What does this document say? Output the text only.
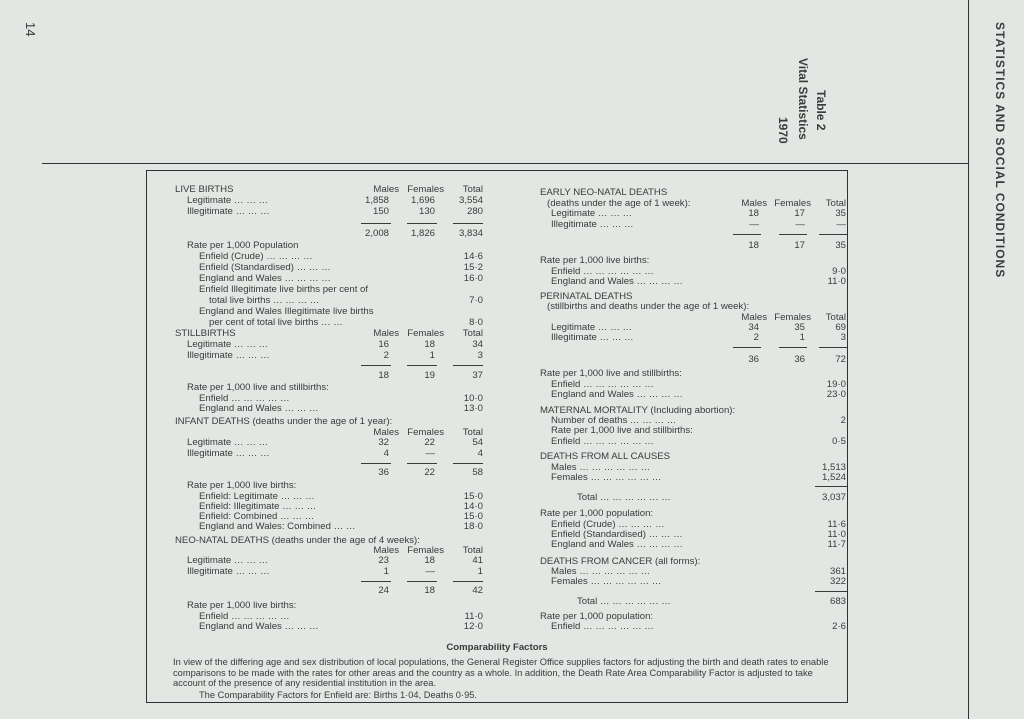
14	STATISTICS AND SOCIAL CONDITIONS
Table 2
Vital Statistics
1970
LIVE BIRTHS	Males Females	Total
Legitimate … … …	1,858	1,696	3,554
Illegitimate … … …	150	130	280
2,008	1,826	3,834
Rate per 1,000 Population
Enfield (Crude) … … … …	14·6
Enfield (Standardised) … … …	15·2
England and Wales … … … …	16·0
Enfield Illegitimate live births per cent of
total live births … … … …	7·0
England and Wales Illegitimate live births
per cent of total live births … …	8·0
STILLBIRTHS	Males Females	Total
Legitimate … … …	16	18	34
Illegitimate … … …	2	1	3
18	19	37
Rate per 1,000 live and stillbirths:
Enfield … … … … …	10·0
England and Wales … … …	13·0
INFANT DEATHS (deaths under the age of 1 year):
Males Females	Total
Legitimate … … …	32	22	54
Illegitimate … … …	4	—	4
36	22	58
Rate per 1,000 live births:
Enfield: Legitimate … … …	15·0
Enfield: Illegitimate … … …	14·0
Enfield: Combined … … …	15·0
England and Wales: Combined … …	18·0
NEO-NATAL DEATHS (deaths under the age of 4 weeks):
Males Females	Total
Legitimate … … …	23	18	41
Illegitimate … … …	1	—	1
24	18	42
Rate per 1,000 live births:
Enfield … … … … …	11·0
England and Wales … … …	12·0
EARLY NEO-NATAL DEATHS
(deaths under the age of 1 week):	Males Females	Total
Legitimate … … …	18	17	35
Illegitimate … … …	—	—	—
18	17	35
Rate per 1,000 live births:
Enfield … … … … … …	9·0
England and Wales … … … …	11·0
PERINATAL DEATHS
(stillbirths and deaths under the age of 1 week):
Males Females	Total
Legitimate … … …	34	35	69
Illegitimate … … …	2	1	3
36	36	72
Rate per 1,000 live and stillbirths:
Enfield … … … … … …	19·0
England and Wales … … … …	23·0
MATERNAL MORTALITY (Including abortion):
Number of deaths … … … …	2
Rate per 1,000 live and stillbirths:
Enfield … … … … … …	0·5
DEATHS FROM ALL CAUSES
Males … … … … … …	1,513
Females … … … … … …	1,524
Total … … … … … …	3,037
Rate per 1,000 population:
Enfield (Crude) … … … …	11·6
Enfield (Standardised) … … …	11·0
England and Wales … … … …	11·7
DEATHS FROM CANCER (all forms):
Males … … … … … …	361
Females … … … … … …	322
Total … … … … … …	683
Rate per 1,000 population:
Enfield … … … … … …	2·6
Comparability Factors
In view of the differing age and sex distribution of local populations, the General Register Office supplies factors for adjusting the birth and death rates to enable comparisons to be made with the rates for other areas and the country as a whole. In addition, the Death Rate Area Comparability Factor is adjusted to take account of the presence of any residential institution in the area.
The Comparability Factors for Enfield are: Births 1·04, Deaths 0·95.
